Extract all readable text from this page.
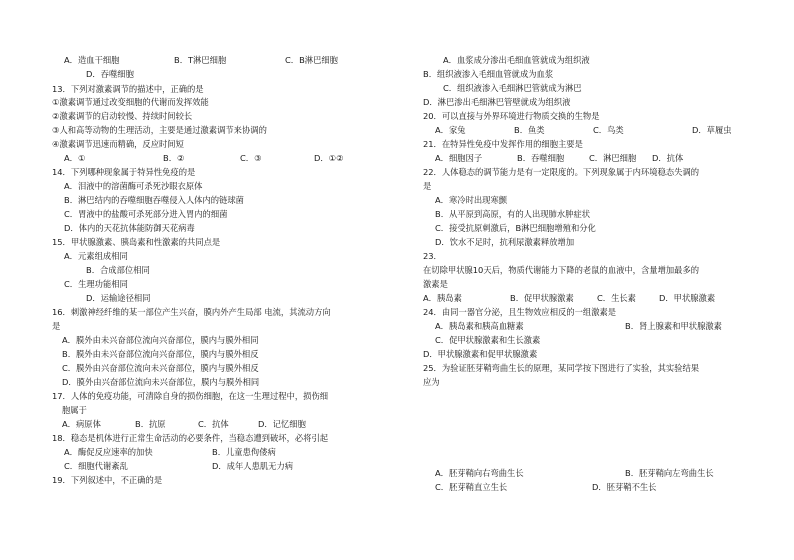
A．造血干细胞	B．T淋巴细胞	C．B淋巴细胞
D．吞噬细胞
13．下列对激素调节的描述中，正确的是
①激素调节通过改变细胞的代谢而发挥效能
②激素调节的启动较慢、持续时间较长
③人和高等动物的生理活动，主要是通过激素调节来协调的
④激素调节迅速而精确，反应时间短
A．①	B．②	C．③	D．①②
14．下列哪种现象属于特异性免疫的是
A．泪液中的溶菌酶可杀死沙眼衣原体
B．淋巴结内的吞噬细胞吞噬侵入人体内的链球菌
C．胃液中的盐酸可杀死部分进入胃内的细菌
D．体内的天花抗体能防御天花病毒
15．甲状腺激素、胰岛素和性激素的共同点是
A．元素组成相同
B．合成部位相同
C．生理功能相同
D．运输途径相同
16．刺激神经纤维的某一部位产生兴奋，膜内外产生局部 电流，其流动方向
是
A．膜外由未兴奋部位流向兴奋部位，膜内与膜外相同
B．膜外由未兴奋部位流向兴奋部位，膜内与膜外相反
C．膜外由兴奋部位流向未兴奋部位，膜内与膜外相反
D．膜外由兴奋部位流向未兴奋部位，膜内与膜外相同
17．人体的免疫功能，可清除自身的损伤细胞，在这一生理过程中，损伤细
胞属于
A．病原体	B．抗原	C．抗体	D．记忆细胞
18．稳态是机体进行正常生命活动的必要条件，当稳态遭到破坏，必将引起
A．酶促反应速率的加快	B．儿童患佝偻病
C．细胞代谢紊乱	D．成年人患肌无力病
19．下列叙述中，不正确的是
A．血浆成分渗出毛细血管就成为组织液
B．组织液渗入毛细血管就成为血浆
C．组织液渗入毛细淋巴管就成为淋巴
D．淋巴渗出毛细淋巴管壁就成为组织液
20．可以直接与外界环境进行物质交换的生物是
A．家兔	B．鱼类	C．鸟类	D．草履虫
21．在特异性免疫中发挥作用的细胞主要是
A．细胞因子	B．吞噬细胞	C．淋巴细胞 D．抗体
22．人体稳态的调节能力是有一定限度的。下列现象属于内环境稳态失调的
是
A．寒冷时出现寒颤
B．从平原到高原，有的人出现肺水肿症状
C．接受抗原刺激后，B淋巴细胞增殖和分化
D．饮水不足时，抗利尿激素释放增加
23．
在切除甲状腺10天后，物质代谢能力下降的老鼠的血液中，含量增加最多的
激素是
A．胰岛素	B．促甲状腺激素	C．生长素	D．甲状腺激素
24．由同一器官分泌，且生物效应相反的一组激素是
A．胰岛素和胰高血糖素	B．肾上腺素和甲状腺激素
C．促甲状腺激素和生长激素
D．甲状腺激素和促甲状腺激素
25．为验证胚芽鞘弯曲生长的原理，某同学按下图进行了实验，其实验结果
应为
A．胚芽鞘向右弯曲生长	B．胚芽鞘向左弯曲生长
C．胚芽鞘直立生长	D．胚芽鞘不生长
